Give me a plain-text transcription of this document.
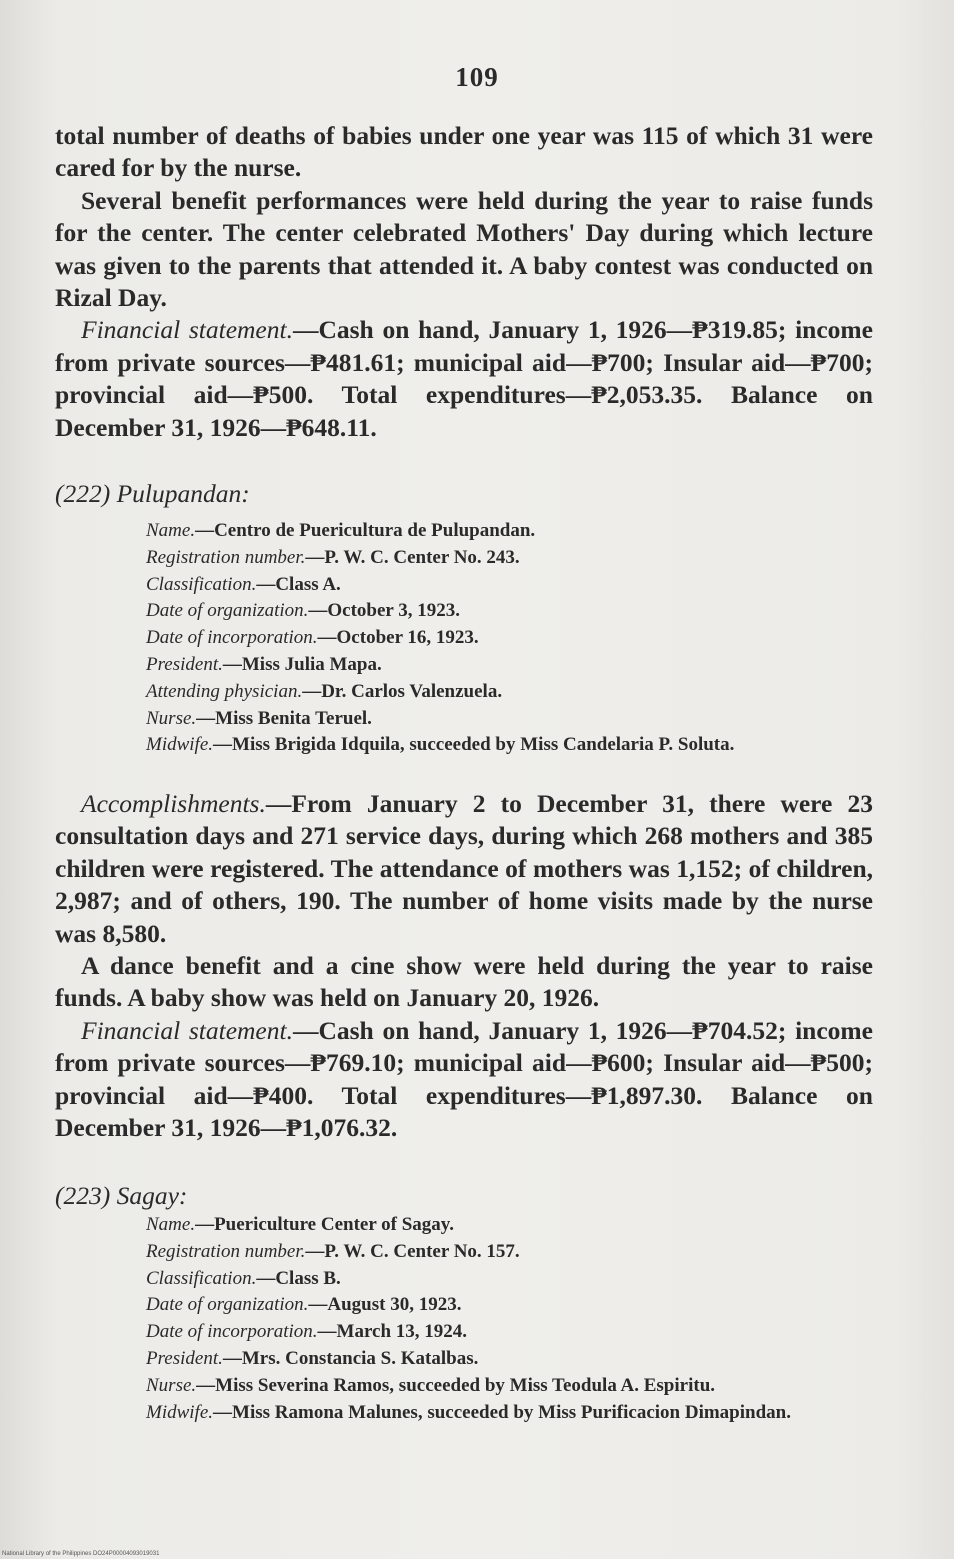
109

total number of deaths of babies under one year was 115 of which 31 were cared for by the nurse.

Several benefit performances were held during the year to raise funds for the center. The center celebrated Mothers' Day during which lecture was given to the parents that attended it. A baby contest was conducted on Rizal Day.

Financial statement.—Cash on hand, January 1, 1926—₱319.85; income from private sources—₱481.61; municipal aid—₱700; Insular aid—₱700; provincial aid—₱500. Total expenditures—₱2,053.35. Balance on December 31, 1926—₱648.11.

(222) Pulupandan:

Name.—Centro de Puericultura de Pulupandan.
Registration number.—P. W. C. Center No. 243.
Classification.—Class A.
Date of organization.—October 3, 1923.
Date of incorporation.—October 16, 1923.
President.—Miss Julia Mapa.
Attending physician.—Dr. Carlos Valenzuela.
Nurse.—Miss Benita Teruel.
Midwife.—Miss Brigida Idquila, succeeded by Miss Candelaria P. Soluta.

Accomplishments.—From January 2 to December 31, there were 23 consultation days and 271 service days, during which 268 mothers and 385 children were registered. The attendance of mothers was 1,152; of children, 2,987; and of others, 190. The number of home visits made by the nurse was 8,580.

A dance benefit and a cine show were held during the year to raise funds. A baby show was held on January 20, 1926.

Financial statement.—Cash on hand, January 1, 1926—₱704.52; income from private sources—₱769.10; municipal aid—₱600; Insular aid—₱500; provincial aid—₱400. Total expenditures—₱1,897.30. Balance on December 31, 1926—₱1,076.32.

(223) Sagay:

Name.—Puericulture Center of Sagay.
Registration number.—P. W. C. Center No. 157.
Classification.—Class B.
Date of organization.—August 30, 1923.
Date of incorporation.—March 13, 1924.
President.—Mrs. Constancia S. Katalbas.
Nurse.—Miss Severina Ramos, succeeded by Miss Teodula A. Espiritu.
Midwife.—Miss Ramona Malunes, succeeded by Miss Purificacion Dimapindan.
National Library of the Philippines DO24P00004093019031
